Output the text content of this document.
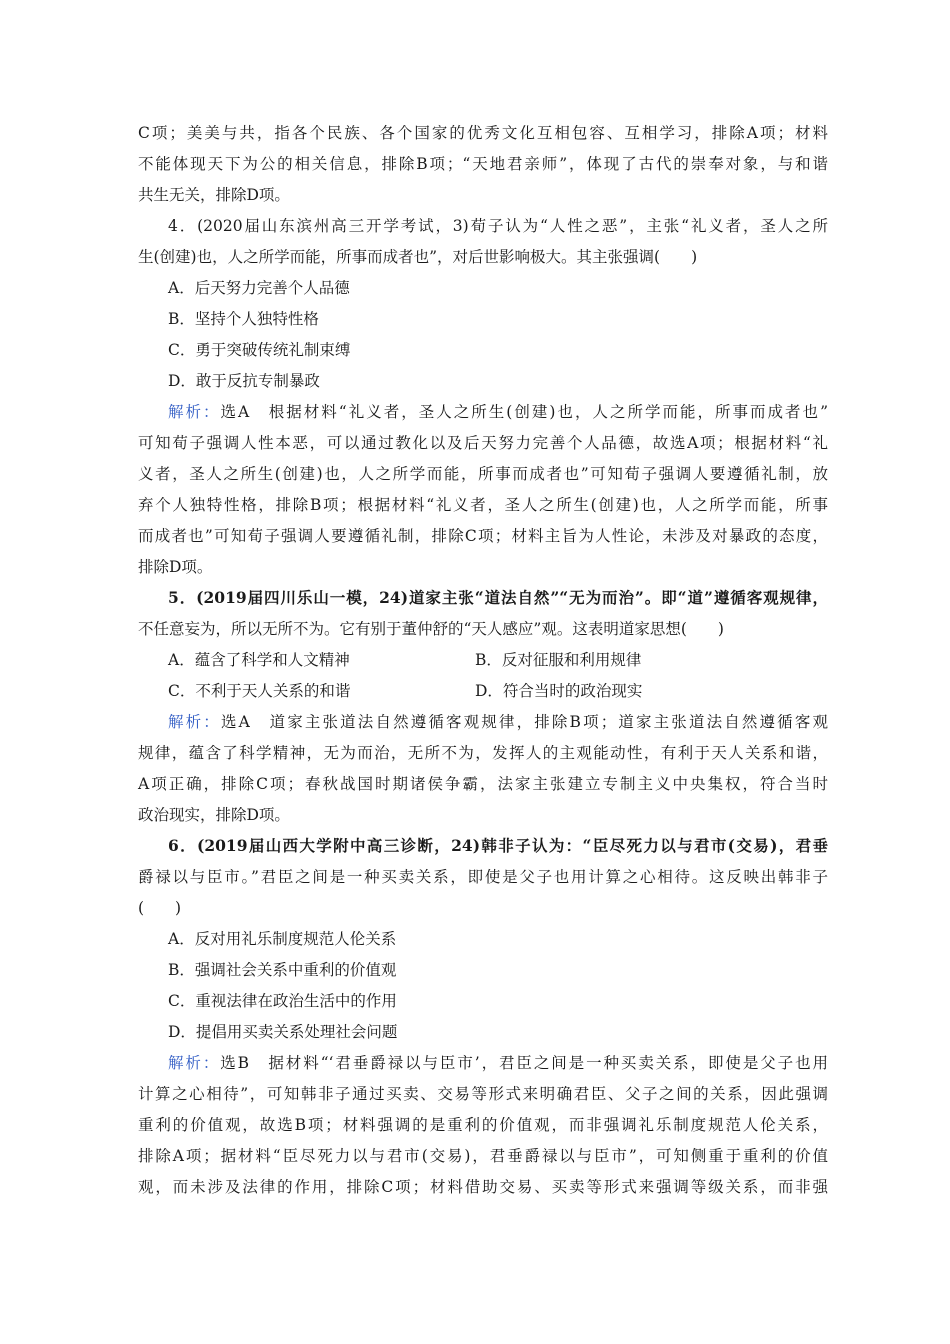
C项；美美与共，指各个民族、各个国家的优秀文化互相包容、互相学习，排除A项；材料
不能体现天下为公的相关信息，排除B项；“天地君亲师”，体现了古代的崇奉对象，与和谐
共生无关，排除D项。
4．(2020届山东滨州高三开学考试，3)荀子认为“人性之恶”，主张“礼义者，圣人之所
生(创建)也，人之所学而能，所事而成者也”，对后世影响极大。其主张强调(　　)
A．后天努力完善个人品德
B．坚持个人独特性格
C．勇于突破传统礼制束缚
D．敢于反抗专制暴政
解析：选A　根据材料“礼义者，圣人之所生(创建)也，人之所学而能，所事而成者也”
可知荀子强调人性本恶，可以通过教化以及后天努力完善个人品德，故选A项；根据材料“礼
义者，圣人之所生(创建)也，人之所学而能，所事而成者也”可知荀子强调人要遵循礼制，放
弃个人独特性格，排除B项；根据材料“礼义者，圣人之所生(创建)也，人之所学而能，所事
而成者也”可知荀子强调人要遵循礼制，排除C项；材料主旨为人性论，未涉及对暴政的态度，
排除D项。
5．(2019届四川乐山一模，24)道家主张“道法自然”“无为而治”。即“道”遵循客观规律，
不任意妄为，所以无所不为。它有别于董仲舒的“天人感应”观。这表明道家思想(　　)
A．蕴含了科学和人文精神	B．反对征服和利用规律
C．不利于天人关系的和谐	D．符合当时的政治现实
解析：选A　道家主张道法自然遵循客观规律，排除B项；道家主张道法自然遵循客观
规律，蕴含了科学精神，无为而治，无所不为，发挥人的主观能动性，有利于天人关系和谐，
A项正确，排除C项；春秋战国时期诸侯争霸，法家主张建立专制主义中央集权，符合当时
政治现实，排除D项。
6．(2019届山西大学附中高三诊断，24)韩非子认为：“臣尽死力以与君市(交易)，君垂
爵禄以与臣市。”君臣之间是一种买卖关系，即使是父子也用计算之心相待。这反映出韩非子
(　　)
A．反对用礼乐制度规范人伦关系
B．强调社会关系中重利的价值观
C．重视法律在政治生活中的作用
D．提倡用买卖关系处理社会问题
解析：选B　据材料“‘君垂爵禄以与臣市’，君臣之间是一种买卖关系，即使是父子也用
计算之心相待”，可知韩非子通过买卖、交易等形式来明确君臣、父子之间的关系，因此强调
重利的价值观，故选B项；材料强调的是重利的价值观，而非强调礼乐制度规范人伦关系，
排除A项；据材料“臣尽死力以与君市(交易)，君垂爵禄以与臣市”，可知侧重于重利的价值
观，而未涉及法律的作用，排除C项；材料借助交易、买卖等形式来强调等级关系，而非强
